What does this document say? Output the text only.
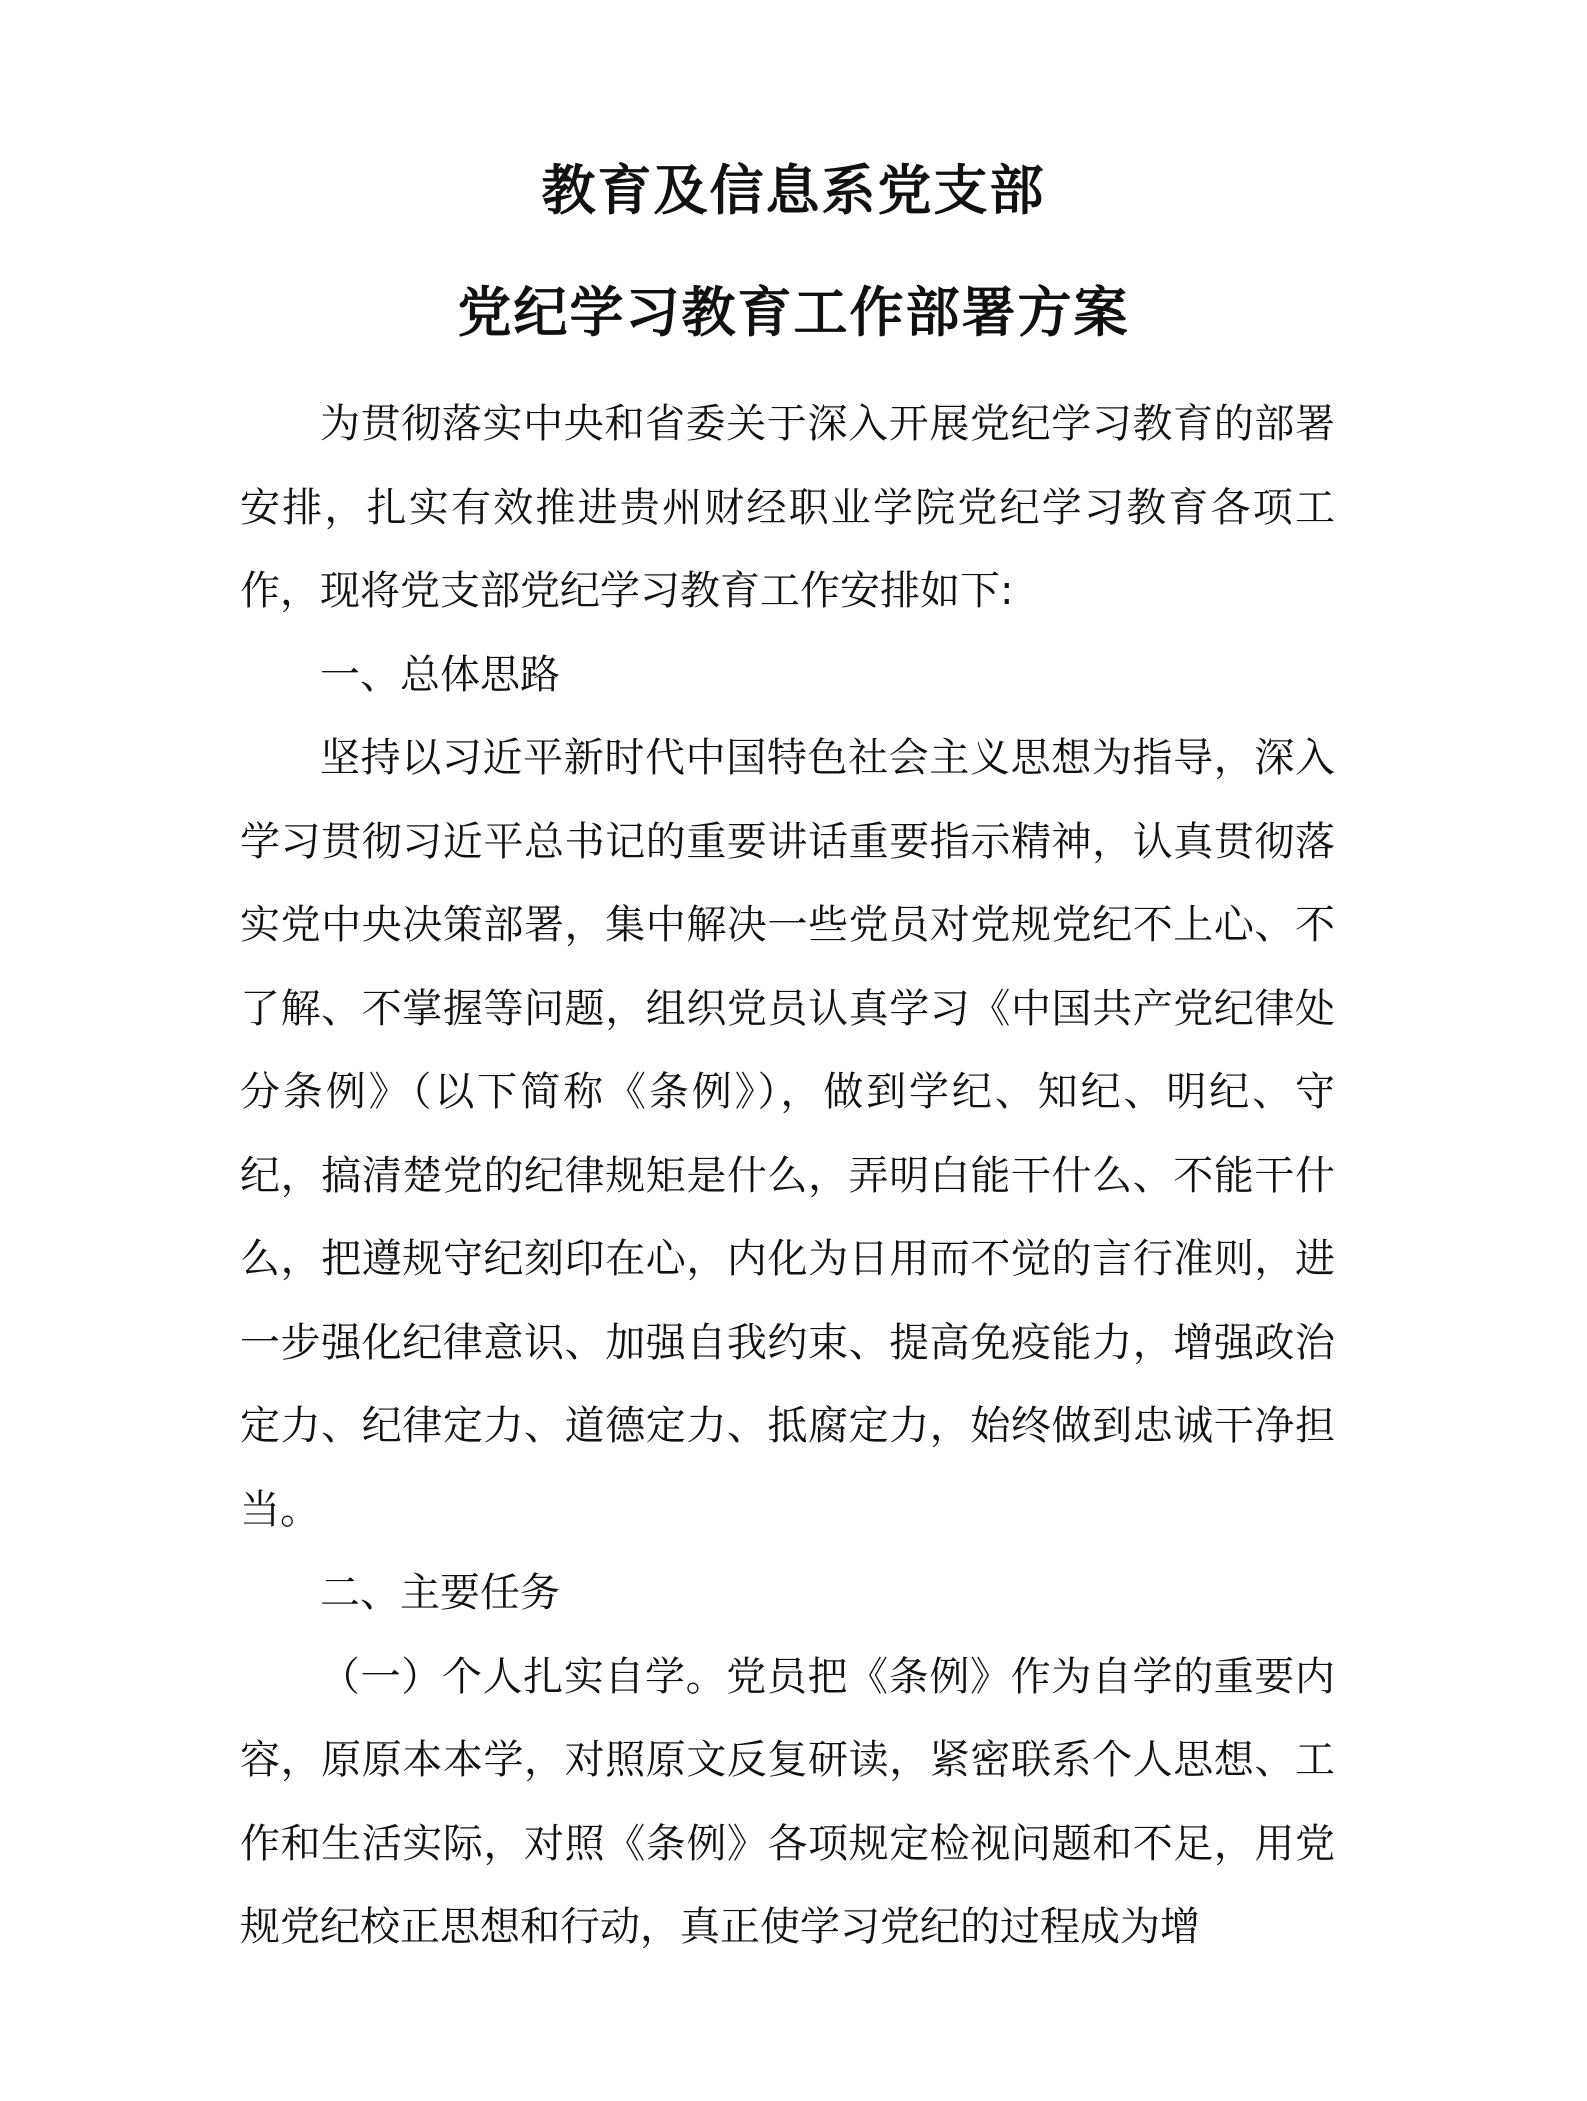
教育及信息系党支部
党纪学习教育工作部署方案

为贯彻落实中央和省委关于深入开展党纪学习教育的部署安排，扎实有效推进贵州财经职业学院党纪学习教育各项工作，现将党支部党纪学习教育工作安排如下:

一、总体思路

坚持以习近平新时代中国特色社会主义思想为指导，深入学习贯彻习近平总书记的重要讲话重要指示精神，认真贯彻落实党中央决策部署，集中解决一些党员对党规党纪不上心、不了解、不掌握等问题，组织党员认真学习《中国共产党纪律处分条例》（以下简称《条例》），做到学纪、知纪、明纪、守纪，搞清楚党的纪律规矩是什么，弄明白能干什么、不能干什么，把遵规守纪刻印在心，内化为日用而不觉的言行准则，进一步强化纪律意识、加强自我约束、提高免疫能力，增强政治定力、纪律定力、道德定力、抵腐定力，始终做到忠诚干净担当。

二、主要任务

（一）个人扎实自学。党员把《条例》作为自学的重要内容，原原本本学，对照原文反复研读，紧密联系个人思想、工作和生活实际，对照《条例》各项规定检视问题和不足，用党规党纪校正思想和行动，真正使学习党纪的过程成为增
